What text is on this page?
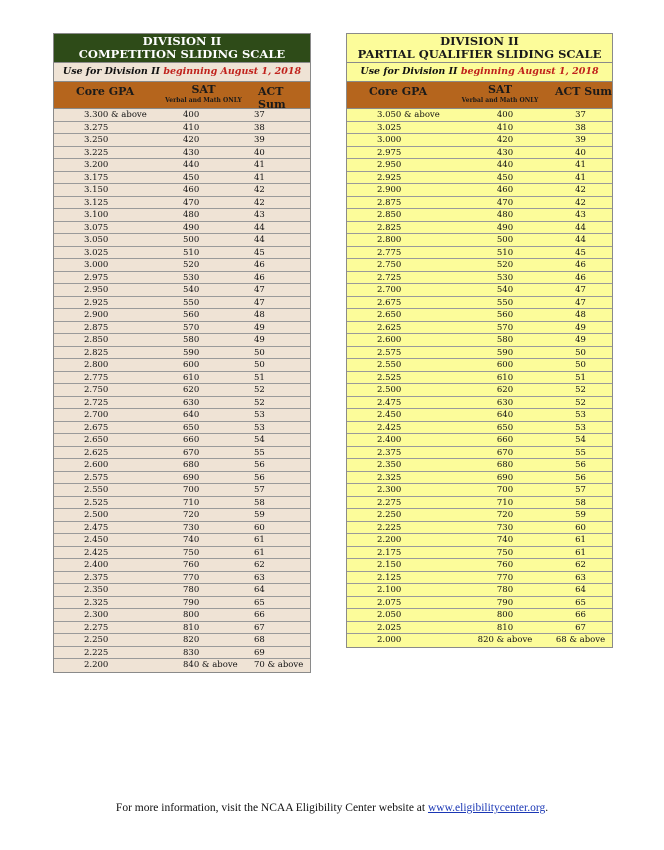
DIVISION II
COMPETITION SLIDING SCALE
Use for Division II beginning August 1, 2018
Core GPA	SAT
Verbal and Math ONLY
ACT Sum
3.300 & above	400	37
3.275	410	38
3.250	420	39
3.225	430	40
3.200	440	41
3.175	450	41
3.150	460	42
3.125	470	42
3.100	480	43
3.075	490	44
3.050	500	44
3.025	510	45
3.000	520	46
2.975	530	46
2.950	540	47
2.925	550	47
2.900	560	48
2.875	570	49
2.850	580	49
2.825	590	50
2.800	600	50
2.775	610	51
2.750	620	52
2.725	630	52
2.700	640	53
2.675	650	53
2.650	660	54
2.625	670	55
2.600	680	56
2.575	690	56
2.550	700	57
2.525	710	58
2.500	720	59
2.475	730	60
2.450	740	61
2.425	750	61
2.400	760	62
2.375	770	63
2.350	780	64
2.325	790	65
2.300	800	66
2.275	810	67
2.250	820	68
2.225	830	69
2.200	840 & above	70 & above
DIVISION II
PARTIAL QUALIFIER SLIDING SCALE
Use for Division II beginning August 1, 2018
Core GPA	SAT
Verbal and Math ONLY
ACT Sum
3.050 & above	400	37
3.025	410	38
3.000	420	39
2.975	430	40
2.950	440	41
2.925	450	41
2.900	460	42
2.875	470	42
2.850	480	43
2.825	490	44
2.800	500	44
2.775	510	45
2.750	520	46
2.725	530	46
2.700	540	47
2.675	550	47
2.650	560	48
2.625	570	49
2.600	580	49
2.575	590	50
2.550	600	50
2.525	610	51
2.500	620	52
2.475	630	52
2.450	640	53
2.425	650	53
2.400	660	54
2.375	670	55
2.350	680	56
2.325	690	56
2.300	700	57
2.275	710	58
2.250	720	59
2.225	730	60
2.200	740	61
2.175	750	61
2.150	760	62
2.125	770	63
2.100	780	64
2.075	790	65
2.050	800	66
2.025	810	67
2.000	820 & above	68 & above
For more information, visit the NCAA Eligibility Center website at www.eligibilitycenter.org.
